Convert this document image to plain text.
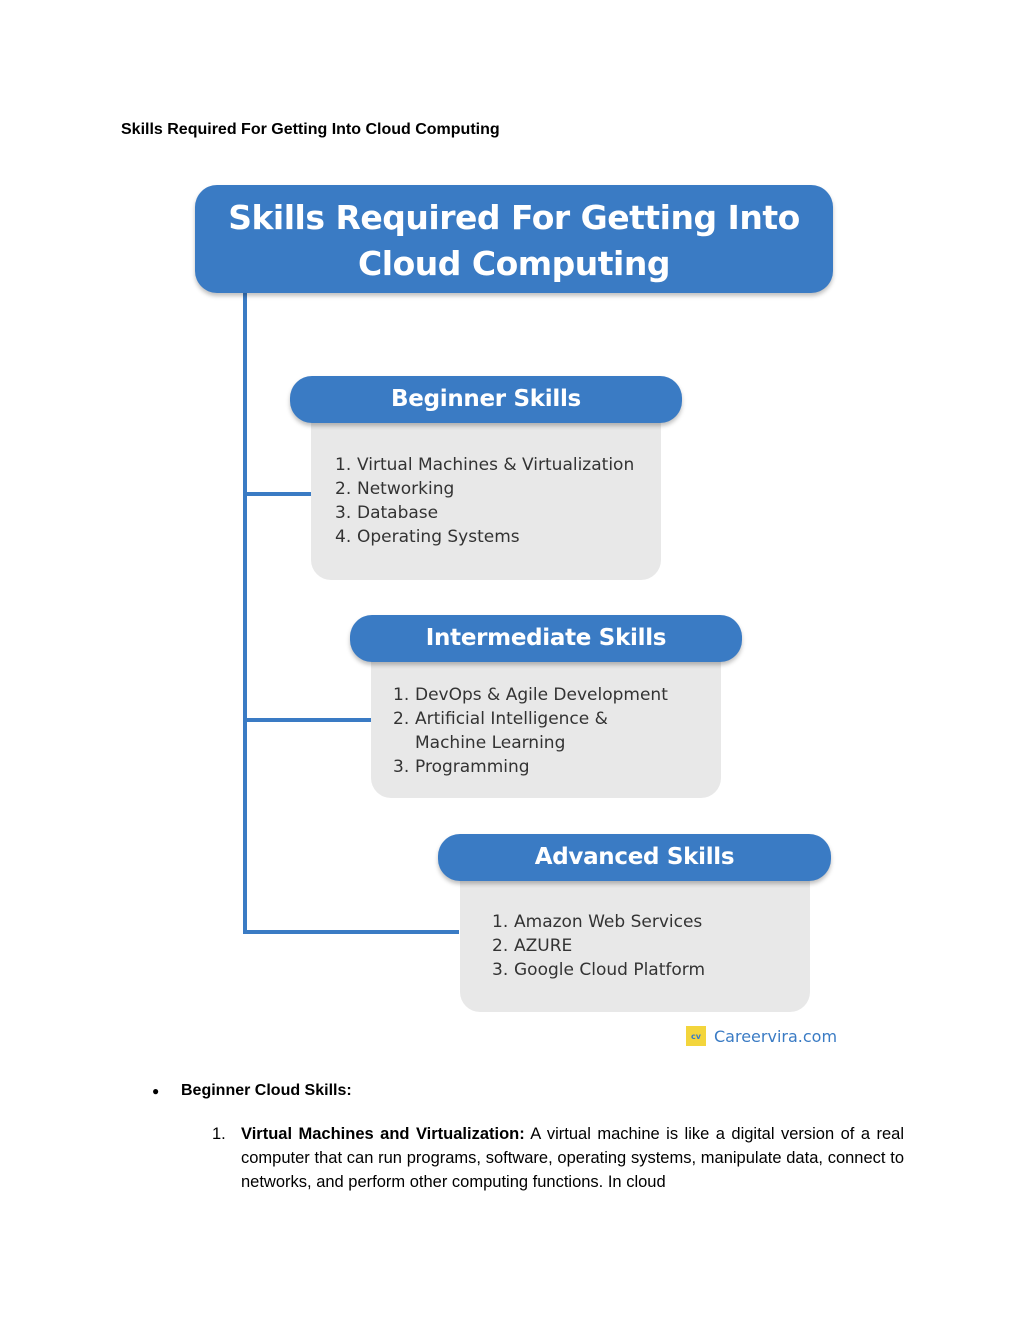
Skills Required For Getting Into Cloud Computing
Skills Required For Getting Into
Cloud Computing
1. Virtual Machines & Virtualization
2. Networking
3. Database
4. Operating Systems
Beginner Skills
1. DevOps & Agile Development
2. Artificial Intelligence &
Machine Learning
3. Programming
Intermediate Skills
1. Amazon Web Services
2. AZURE
3. Google Cloud Platform
Advanced Skills
cv Careervira.com
● Beginner Cloud Skills:
1. Virtual Machines and Virtualization: A virtual machine is like a digital version of a real computer that can run programs, software, operating systems, manipulate data, connect to networks, and perform other computing functions. In cloud
